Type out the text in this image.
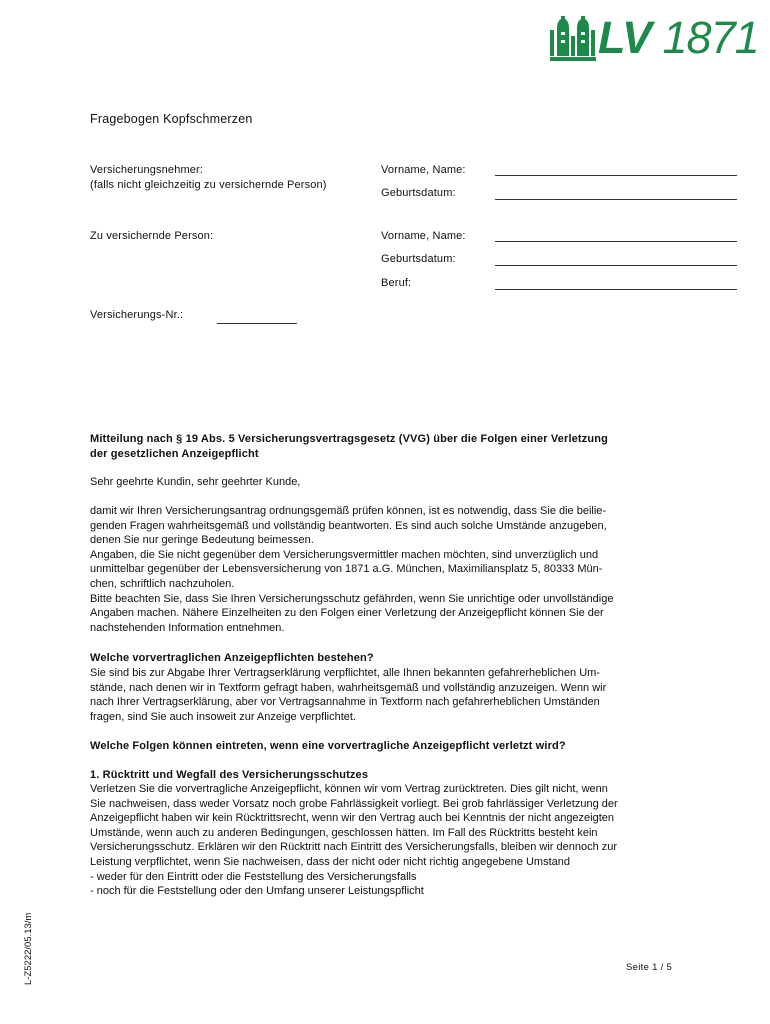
LV 1871
Fragebogen Kopfschmerzen
Versicherungsnehmer:
(falls nicht gleichzeitig zu versichernde Person)
Vorname, Name:
Geburtsdatum:
Zu versichernde Person:	Vorname, Name:
Geburtsdatum:
Beruf:
Versicherungs-Nr.:

Mitteilung nach § 19 Abs. 5 Versicherungsvertragsgesetz (VVG) über die Folgen einer Verletzung

der gesetzlichen Anzeigepflicht

Sehr geehrte Kundin, sehr geehrter Kunde,

damit wir Ihren Versicherungsantrag ordnungsgemäß prüfen können, ist es notwendig, dass Sie die beilie-

genden Fragen wahrheitsgemäß und vollständig beantworten. Es sind auch solche Umstände anzugeben,

denen Sie nur geringe Bedeutung beimessen.

Angaben, die Sie nicht gegenüber dem Versicherungsvermittler machen möchten, sind unverzüglich und

unmittelbar gegenüber der Lebensversicherung von 1871 a.G. München, Maximiliansplatz 5, 80333 Mün-

chen, schriftlich nachzuholen.

Bitte beachten Sie, dass Sie Ihren Versicherungsschutz gefährden, wenn Sie unrichtige oder unvollständige

Angaben machen. Nähere Einzelheiten zu den Folgen einer Verletzung der Anzeigepflicht können Sie der

nachstehenden Information entnehmen.

Welche vorvertraglichen Anzeigepflichten bestehen?

Sie sind bis zur Abgabe Ihrer Vertragserklärung verpflichtet, alle Ihnen bekannten gefahrerheblichen Um-

stände, nach denen wir in Textform gefragt haben, wahrheitsgemäß und vollständig anzuzeigen. Wenn wir

nach Ihrer Vertragserklärung, aber vor Vertragsannahme in Textform nach gefahrerheblichen Umständen

fragen, sind Sie auch insoweit zur Anzeige verpflichtet.

Welche Folgen können eintreten, wenn eine vorvertragliche Anzeigepflicht verletzt wird?
1. Rücktritt und Wegfall des Versicherungsschutzes

Verletzen Sie die vorvertragliche Anzeigepflicht, können wir vom Vertrag zurücktreten. Dies gilt nicht, wenn

Sie nachweisen, dass weder Vorsatz noch grobe Fahrlässigkeit vorliegt. Bei grob fahrlässiger Verletzung der

Anzeigepflicht haben wir kein Rücktrittsrecht, wenn wir den Vertrag auch bei Kenntnis der nicht angezeigten

Umstände, wenn auch zu anderen Bedingungen, geschlossen hätten. Im Fall des Rücktritts besteht kein

Versicherungsschutz. Erklären wir den Rücktritt nach Eintritt des Versicherungsfalls, bleiben wir dennoch zur

Leistung verpflichtet, wenn Sie nachweisen, dass der nicht oder nicht richtig angegebene Umstand

- weder für den Eintritt oder die Feststellung des Versicherungsfalls

- noch für die Feststellung oder den Umfang unserer Leistungspflicht

L-Z5222/05.13/m	Seite 1 / 5
